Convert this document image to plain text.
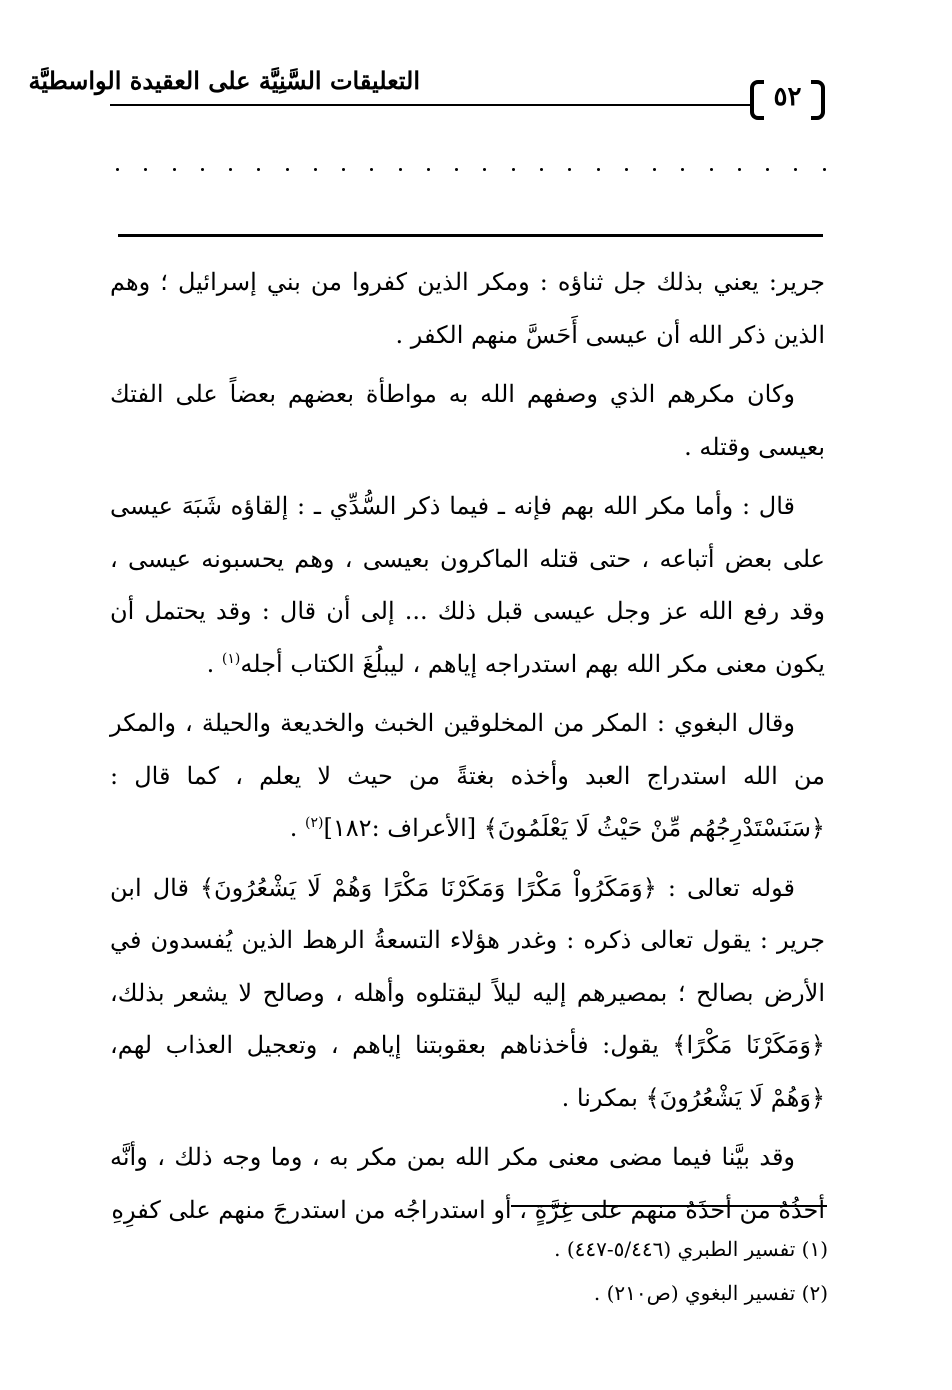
التعليقات السَّنِيَّة على العقيدة الواسطيَّة
٥٢

جرير: يعني بذلك جل ثناؤه : ومكر الذين كفروا من بني إسرائيل ؛ وهم الذين ذكر الله أن عيسى أَحَسَّ منهم الكفر .

وكان مكرهم الذي وصفهم الله به مواطأة بعضهم بعضاً على الفتك بعيسى وقتله .

قال : وأما مكر الله بهم فإنه ـ فيما ذكر السُّدِّي ـ : إلقاؤه شَبَهَ عيسى على بعض أتباعه ، حتى قتله الماكرون بعيسى ، وهم يحسبونه عيسى ، وقد رفع الله عز وجل عيسى قبل ذلك ... إلى أن قال : وقد يحتمل أن يكون معنى مكر الله بهم استدراجه إياهم ، ليبلُغَ الكتاب أجله$^{(١)}$ .

وقال البغوي : المكر من المخلوقين الخبث والخديعة والحيلة ، والمكر من الله استدراج العبد وأخذه بغتةً من حيث لا يعلم ، كما قال : ﴿سَنَسْتَدْرِجُهُم مِّنْ حَيْثُ لَا يَعْلَمُونَ﴾ [الأعراف :١٨٢]$^{(٢)}$ .

قوله تعالى : ﴿وَمَكَرُواْ مَكْرًا وَمَكَرْنَا مَكْرًا وَهُمْ لَا يَشْعُرُونَ﴾ قال ابن جرير : يقول تعالى ذكره : وغدر هؤلاء التسعةُ الرهط الذين يُفسدون في الأرض بصالح ؛ بمصيرهم إليه ليلاً ليقتلوه وأهله ، وصالح لا يشعر بذلك، ﴿وَمَكَرْنَا مَكْرًا﴾ يقول: فأخذناهم بعقوبتنا إياهم ، وتعجيل العذاب لهم، ﴿وَهُمْ لَا يَشْعُرُونَ﴾ بمكرنا .

وقد بيَّنا فيما مضى معنى مكر الله بمن مكر به ، وما وجه ذلك ، وأنَّه أخذُهُ من أخذَهُ منهم على غِرَّةٍ ، أو استدراجُه من استدرجَ منهم على كفرِهِ

(١) تفسير الطبري (٥/٤٤٦-٤٤٧) .
(٢) تفسير البغوي (ص٢١٠) .
